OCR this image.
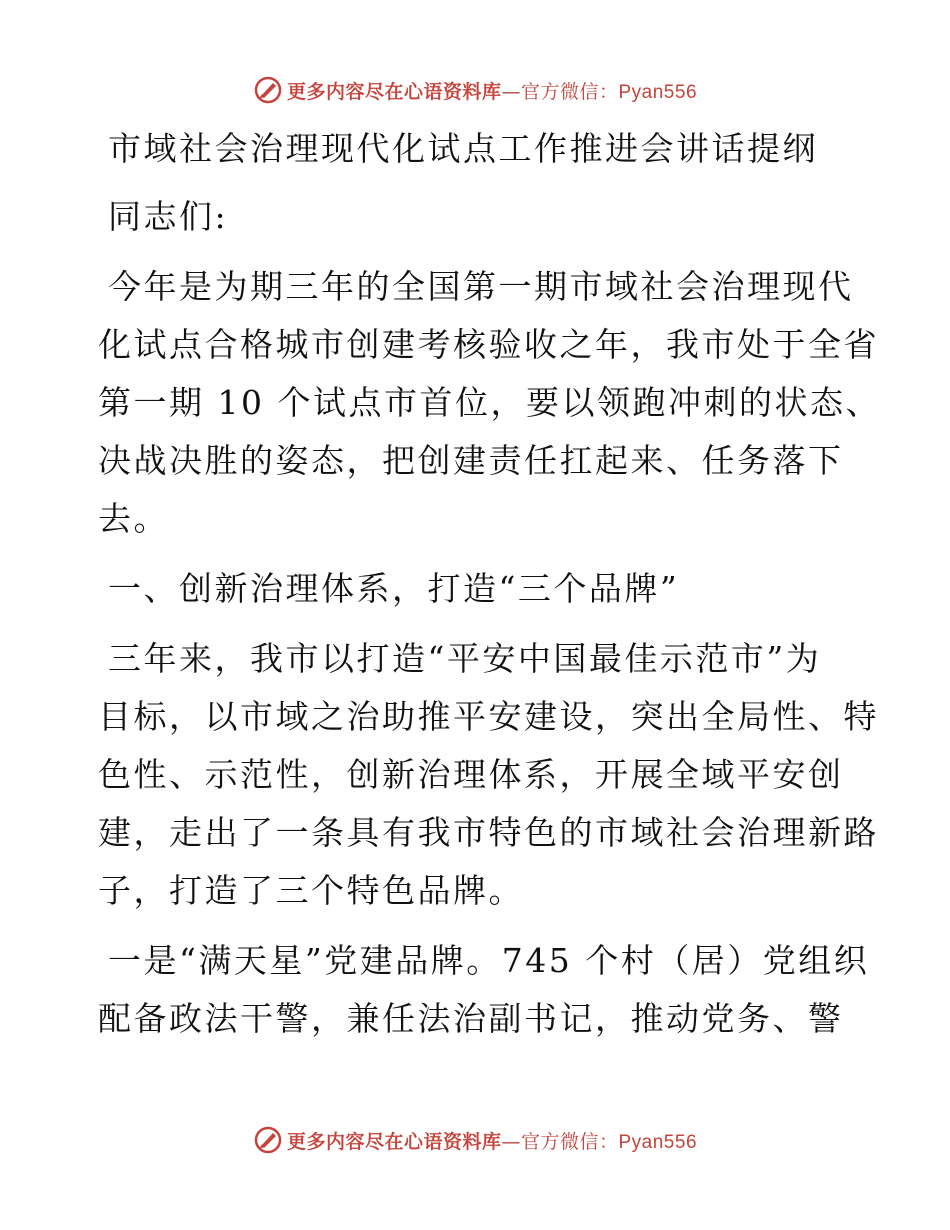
更多内容尽在心语资料库—官方微信：Pyan556

市域社会治理现代化试点工作推进会讲话提纲

同志们:

今年是为期三年的全国第一期市域社会治理现代

化试点合格城市创建考核验收之年，我市处于全省

第一期 10 个试点市首位，要以领跑冲刺的状态、

决战决胜的姿态，把创建责任扛起来、任务落下

去。

一、创新治理体系，打造“三个品牌”

三年来，我市以打造“平安中国最佳示范市”为

目标，以市域之治助推平安建设，突出全局性、特

色性、示范性，创新治理体系，开展全域平安创

建，走出了一条具有我市特色的市域社会治理新路

子，打造了三个特色品牌。

一是“满天星”党建品牌。745 个村（居）党组织

配备政法干警，兼任法治副书记，推动党务、警

更多内容尽在心语资料库—官方微信：Pyan556
